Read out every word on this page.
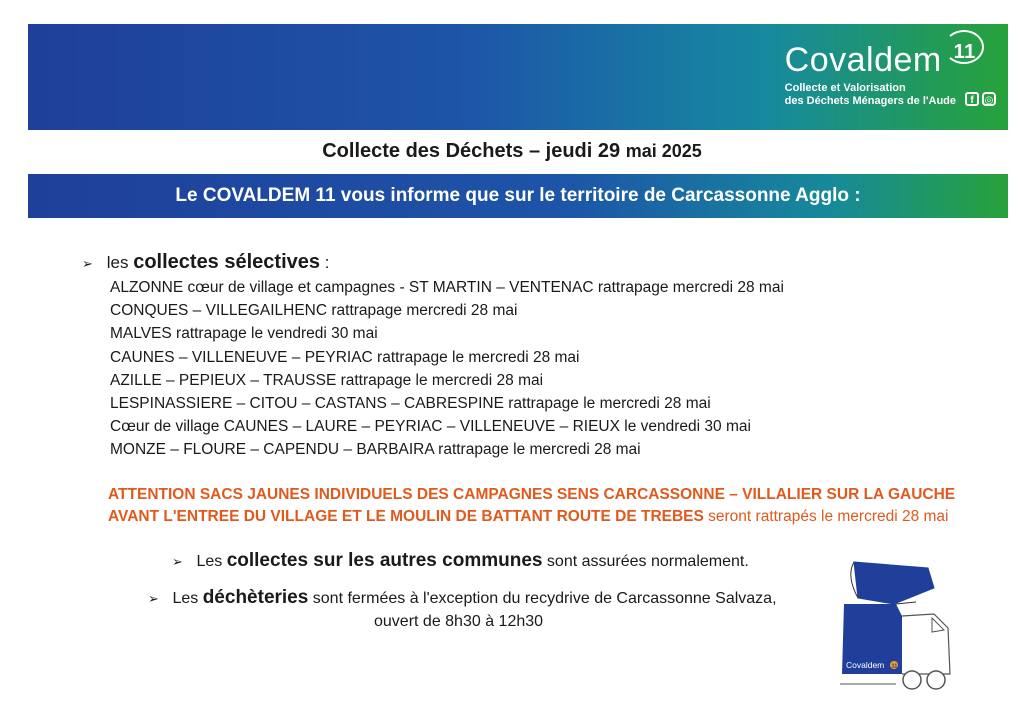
Covaldem 11
Collecte et Valorisation
des Déchets Ménagers de l'Aude	f	◎
Collecte des Déchets – jeudi 29 mai 2025
Le COVALDEM 11 vous informe que sur le territoire de Carcassonne Agglo :
➢ les collectes sélectives :
ALZONNE cœur de village et campagnes - ST MARTIN – VENTENAC rattrapage mercredi 28 mai
CONQUES – VILLEGAILHENC rattrapage mercredi 28 mai
MALVES rattrapage le vendredi 30 mai
CAUNES – VILLENEUVE – PEYRIAC rattrapage le mercredi 28 mai
AZILLE – PEPIEUX – TRAUSSE rattrapage le mercredi 28 mai
LESPINASSIERE – CITOU – CASTANS – CABRESPINE rattrapage le mercredi 28 mai
Cœur de village CAUNES – LAURE – PEYRIAC – VILLENEUVE – RIEUX le vendredi 30 mai
MONZE – FLOURE – CAPENDU – BARBAIRA rattrapage le mercredi 28 mai
ATTENTION SACS JAUNES INDIVIDUELS DES CAMPAGNES SENS CARCASSONNE – VILLALIER SUR LA GAUCHE AVANT L'ENTREE DU VILLAGE ET LE MOULIN DE BATTANT ROUTE DE TREBES seront rattrapés le mercredi 28 mai
➢ Les collectes sur les autres communes sont assurées normalement.
➢ Les déchèteries sont fermées à l'exception du recydrive de Carcassonne Salvaza,
ouvert de 8h30 à 12h30
Covaldem 11
